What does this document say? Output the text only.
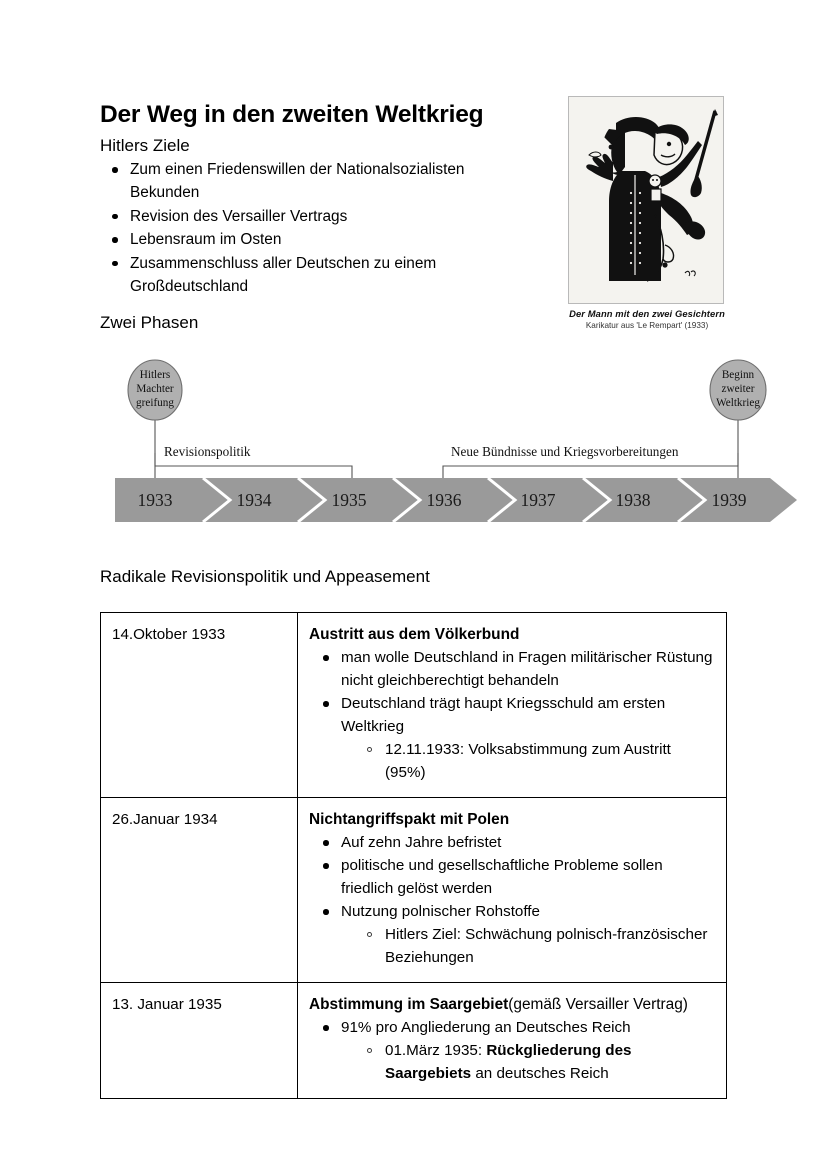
Der Weg in den zweiten Weltkrieg
Hitlers Ziele
Zum einen Friedenswillen der Nationalsozialisten Bekunden
Revision des Versailler Vertrags
Lebensraum im Osten
Zusammenschluss aller Deutschen zu einem Großdeutschland
Der Mann mit den zwei Gesichtern
Karikatur aus 'Le Rempart' (1933)
Zwei Phasen
Radikale Revisionspolitik und Appeasement
Revisionspolitik	Neue Bündnisse und Kriegsvorbereitungen
1933	1934	1935	1936	1937	1938	1939
Hitlers
Machter
greifung
Beginn
zweiter
Weltkrieg
14.Oktober 1933	Austritt aus dem Völkerbund
man wolle Deutschland in Fragen militärischer Rüstung nicht gleichberechtigt behandeln
Deutschland trägt haupt Kriegsschuld am ersten Weltkrieg
12.11.1933: Volksabstimmung zum Austritt (95%)

26.Januar 1934	Nichtangriffspakt mit Polen
Auf zehn Jahre befristet
politische und gesellschaftliche Probleme sollen friedlich gelöst werden
Nutzung polnischer Rohstoffe
Hitlers Ziel: Schwächung polnisch-französischer Beziehungen

13. Januar 1935	Abstimmung im Saargebiet(gemäß Versailler Vertrag)
91% pro Angliederung an Deutsches Reich
01.März 1935: Rückgliederung des Saargebiets an deutsches Reich
